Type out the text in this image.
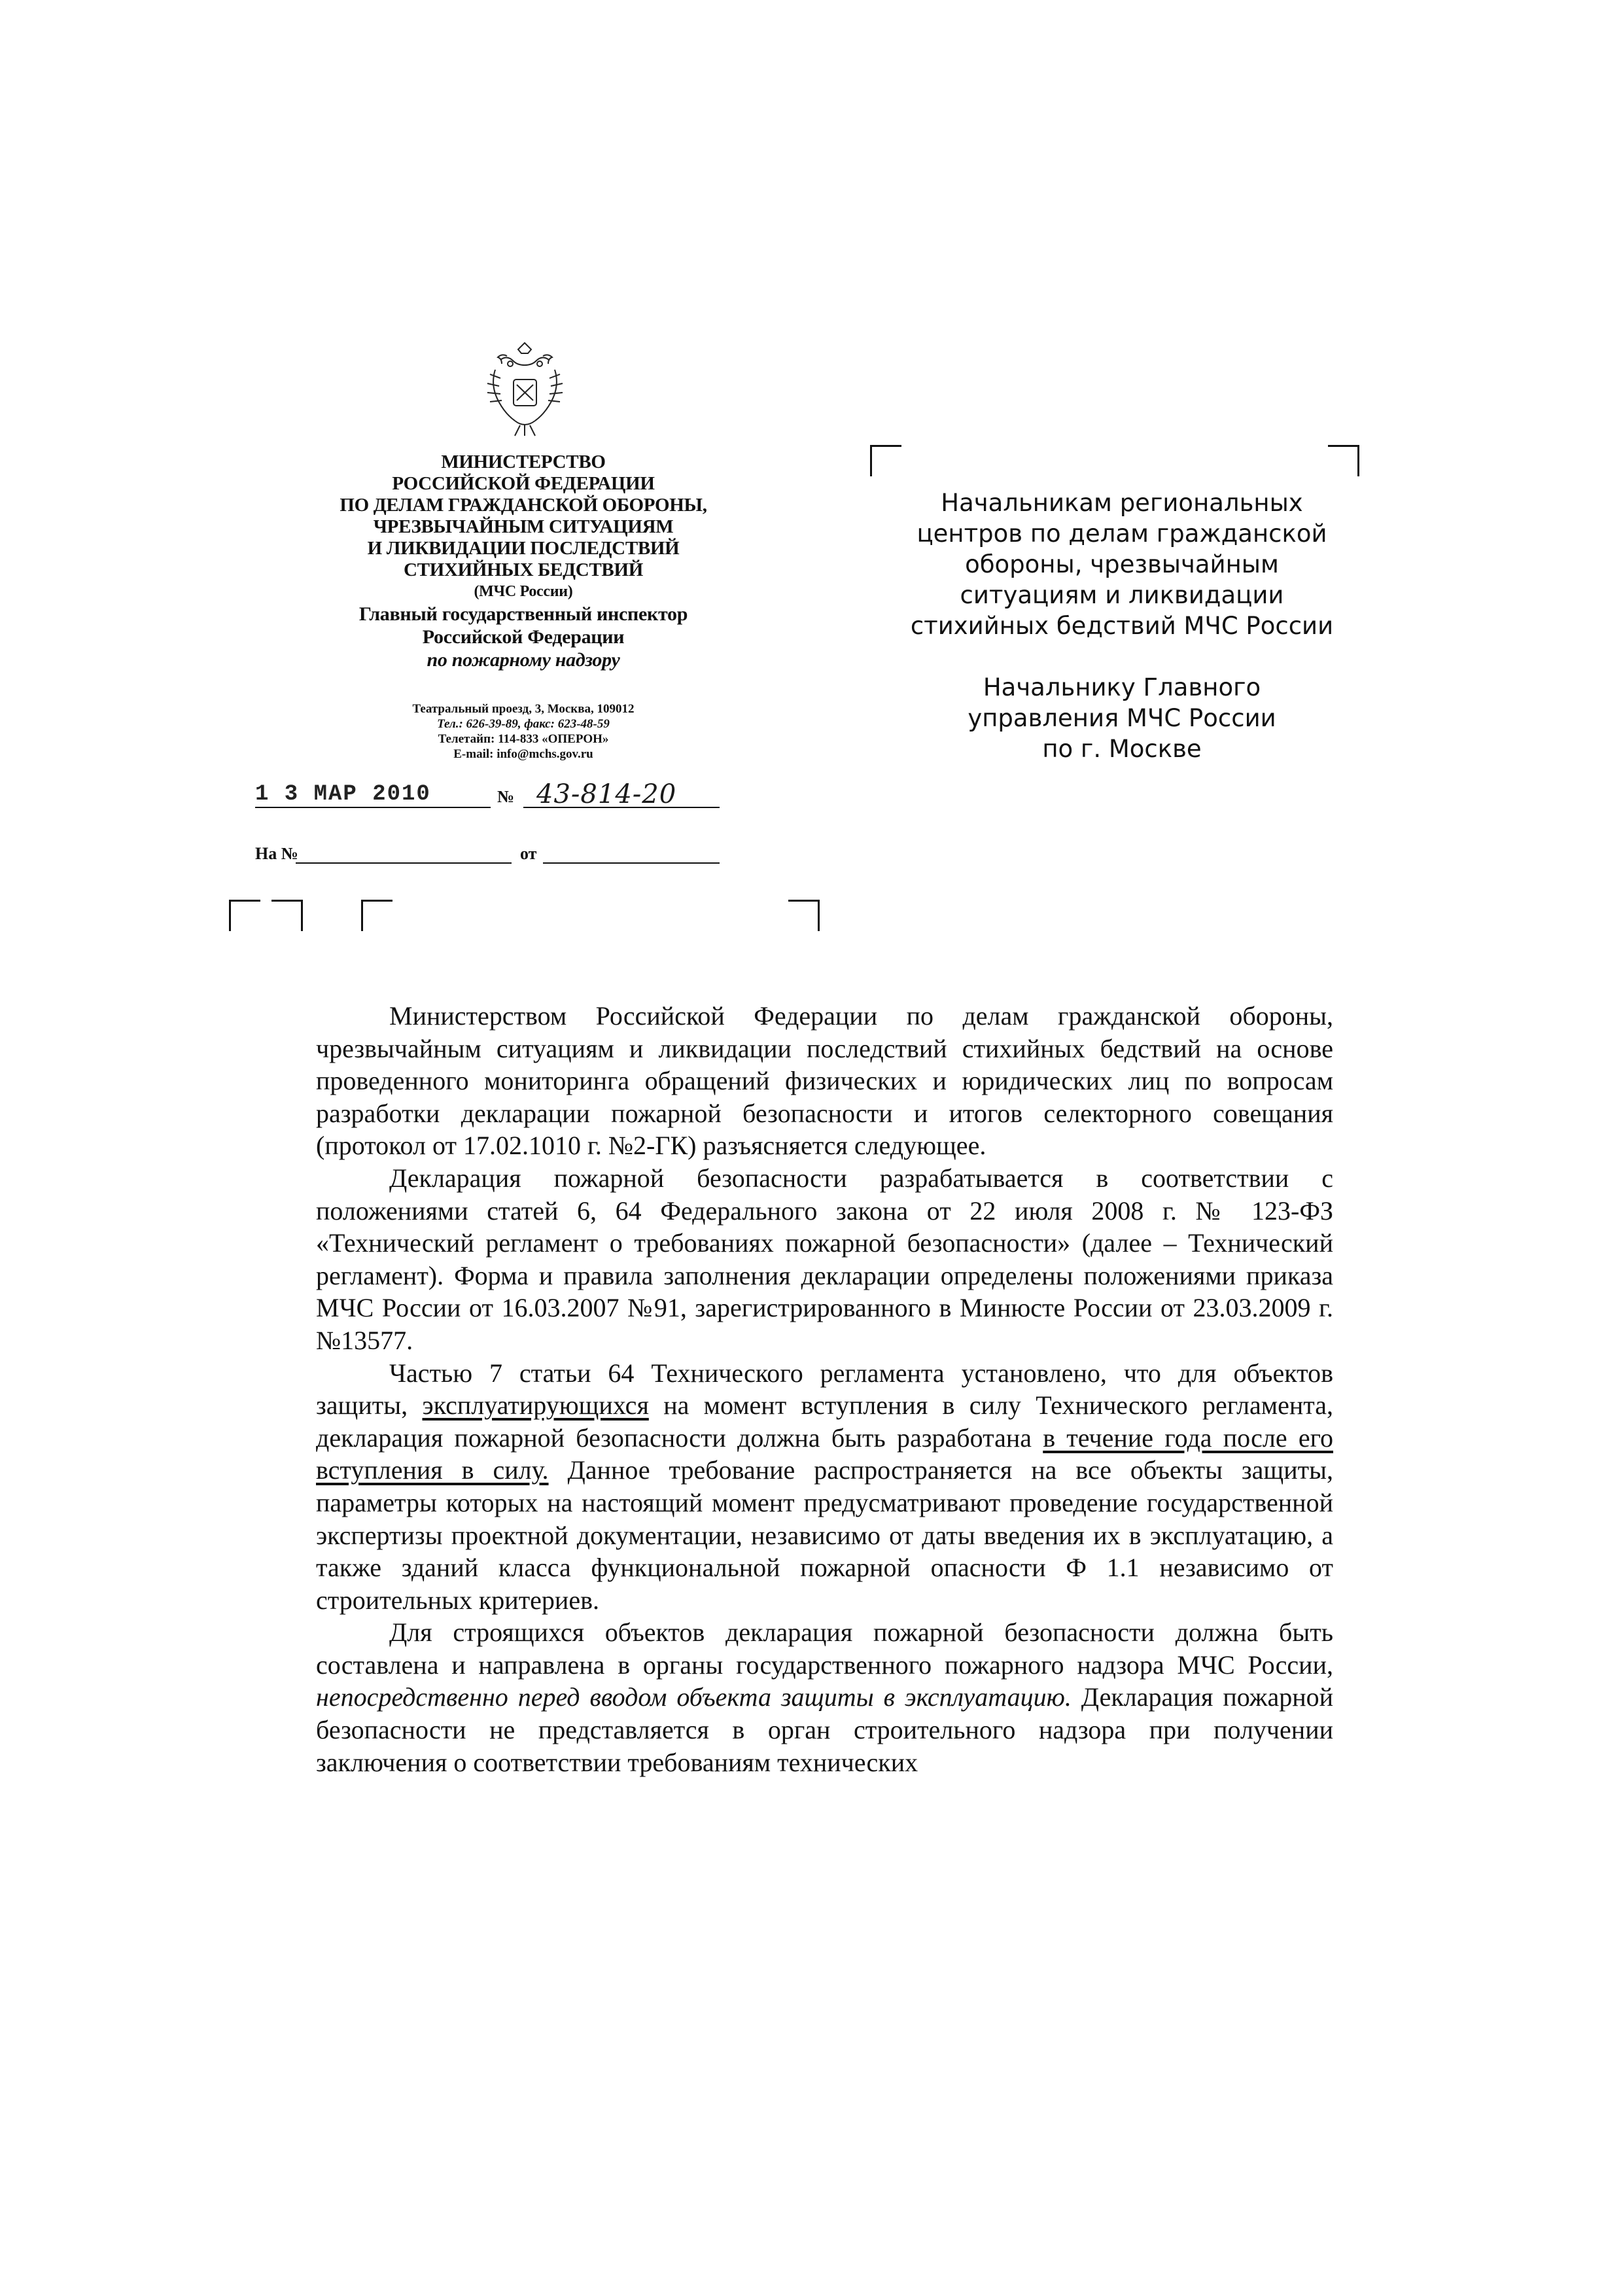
МИНИСТЕРСТВО
РОССИЙСКОЙ ФЕДЕРАЦИИ
ПО ДЕЛАМ ГРАЖДАНСКОЙ ОБОРОНЫ,
ЧРЕЗВЫЧАЙНЫМ СИТУАЦИЯМ
И ЛИКВИДАЦИИ ПОСЛЕДСТВИЙ
СТИХИЙНЫХ БЕДСТВИЙ
(МЧС России)
Главный государственный инспектор
Российской Федерации
по пожарному надзору
Театральный проезд, 3, Москва, 109012
Тел.: 626-39-89, факс: 623-48-59
Телетайп: 114-833 «ОПЕРОН»
E-mail: info@mchs.gov.ru
1 3 МАР 2010	№ 43-814-20
На №	от
Начальникам региональных
центров по делам гражданской
обороны, чрезвычайным
ситуациям и ликвидации
стихийных бедствий МЧС России
Начальнику Главного
управления МЧС России
по г. Москве

Министерством Российской Федерации по делам гражданской обороны, чрезвычайным ситуациям и ликвидации последствий стихийных бедствий на основе проведенного мониторинга обращений физических и юридических лиц по вопросам разработки декларации пожарной безопасности и итогов селекторного совещания (протокол от 17.02.1010 г. №2-ГК) разъясняется следующее.

Декларация пожарной безопасности разрабатывается в соответствии с положениями статей 6, 64 Федерального закона от 22 июля 2008 г. № 123-ФЗ «Технический регламент о требованиях пожарной безопасности» (далее – Технический регламент). Форма и правила заполнения декларации определены положениями приказа МЧС России от 16.03.2007 №91, зарегистрированного в Минюсте России от 23.03.2009 г. №13577.

Частью 7 статьи 64 Технического регламента установлено, что для объектов защиты, эксплуатирующихся на момент вступления в силу Технического регламента, декларация пожарной безопасности должна быть разработана в течение года после его вступления в силу. Данное требование распространяется на все объекты защиты, параметры которых на настоящий момент предусматривают проведение государственной экспертизы проектной документации, независимо от даты введения их в эксплуатацию, а также зданий класса функциональной пожарной опасности Ф 1.1 независимо от строительных критериев.

Для строящихся объектов декларация пожарной безопасности должна быть составлена и направлена в органы государственного пожарного надзора МЧС России, непосредственно перед вводом объекта защиты в эксплуатацию. Декларация пожарной безопасности не представляется в орган строительного надзора при получении заключения о соответствии требованиям технических
